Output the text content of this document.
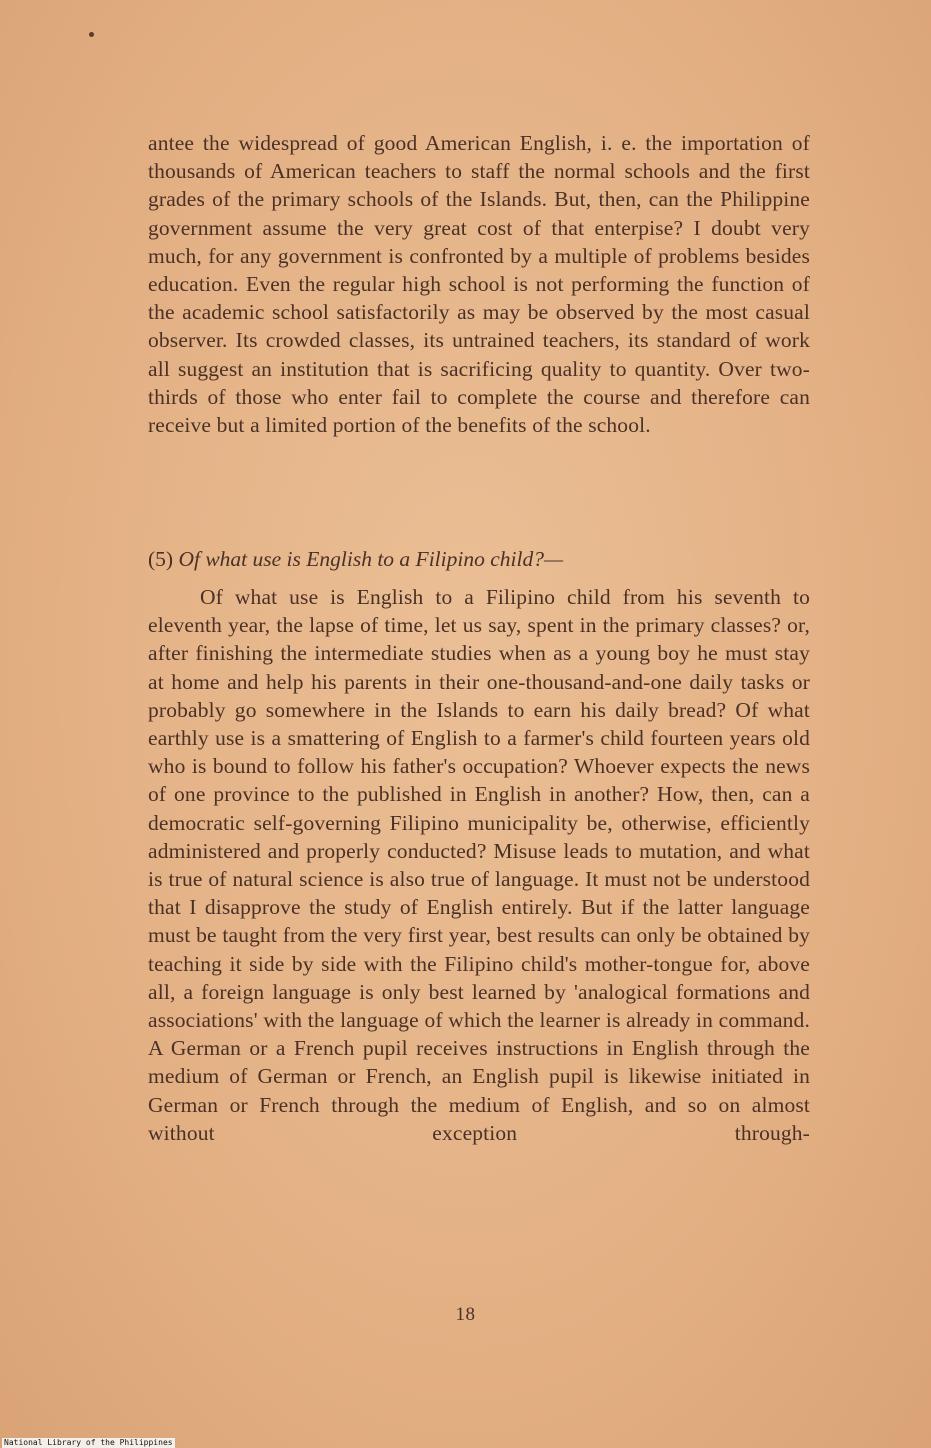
antee the widespread of good American English, i. e. the importation of thousands of American teachers to staff the normal schools and the first grades of the primary schools of the Islands. But, then, can the Philippine government assume the very great cost of that enterpise? I doubt very much, for any government is confronted by a multiple of problems besides education. Even the regular high school is not performing the function of the academic school satisfactorily as may be observed by the most casual observer. Its crowded classes, its untrained teachers, its standard of work all suggest an institution that is sacrificing quality to quantity. Over two-thirds of those who enter fail to complete the course and therefore can receive but a limited portion of the benefits of the school.

(5) Of what use is English to a Filipino child?—

Of what use is English to a Filipino child from his seventh to eleventh year, the lapse of time, let us say, spent in the primary classes? or, after finishing the intermediate studies when as a young boy he must stay at home and help his parents in their one-thousand-and-one daily tasks or probably go somewhere in the Islands to earn his daily bread? Of what earthly use is a smattering of English to a farmer's child fourteen years old who is bound to follow his father's occupation? Whoever expects the news of one province to the published in English in another? How, then, can a democratic self-governing Filipino municipality be, otherwise, efficiently administered and properly conducted? Misuse leads to mutation, and what is true of natural science is also true of language. It must not be understood that I disapprove the study of English entirely. But if the latter language must be taught from the very first year, best results can only be obtained by teaching it side by side with the Filipino child's mother-tongue for, above all, a foreign language is only best learned by 'analogical formations and associations' with the language of which the learner is already in command. A German or a French pupil receives instructions in English through the medium of German or French, an English pupil is likewise initiated in German or French through the medium of English, and so on almost without exception through-

18
National Library of the Philippines
